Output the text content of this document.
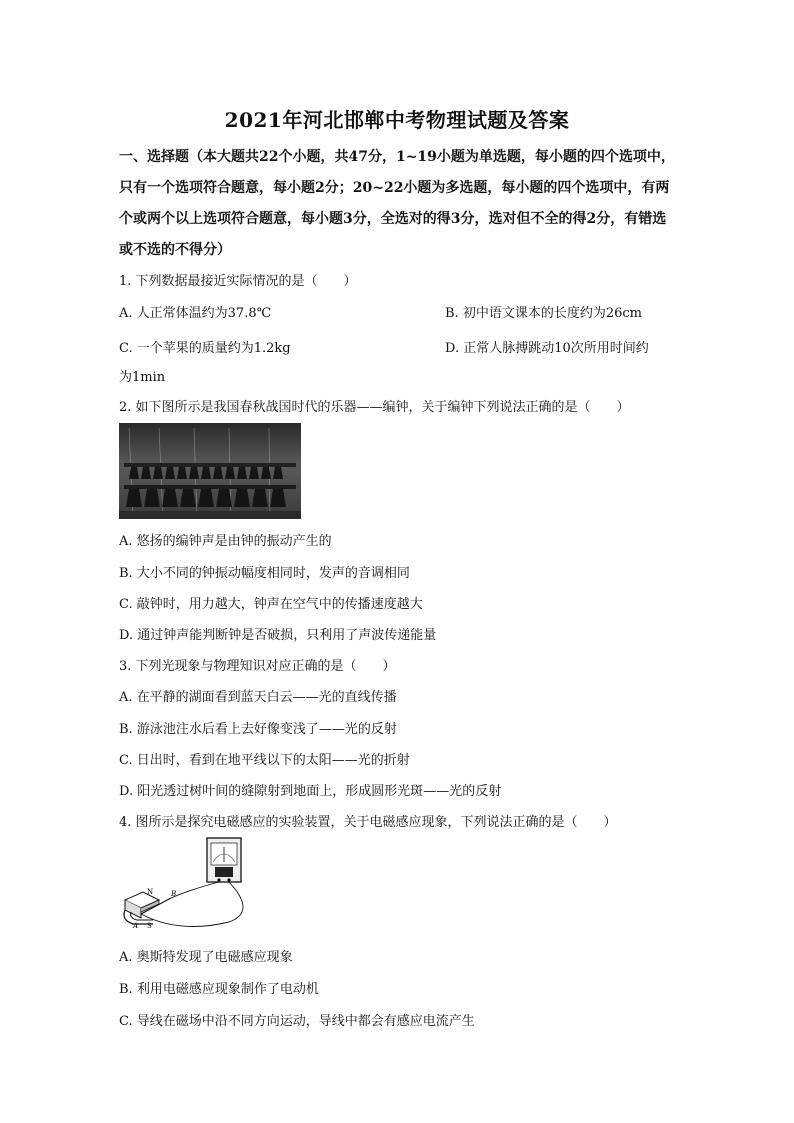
2021年河北邯郸中考物理试题及答案
一、选择题（本大题共22个小题，共47分，1~19小题为单选题，每小题的四个选项中，只有一个选项符合题意，每小题2分；20~22小题为多选题，每小题的四个选项中，有两个或两个以上选项符合题意，每小题3分，全选对的得3分，选对但不全的得2分，有错选或不选的不得分）
1. 下列数据最接近实际情况的是（　　）
A. 人正常体温约为37.8℃	B. 初中语文课本的长度约为26cm
C. 一个苹果的质量约为1.2kg	D. 正常人脉搏跳动10次所用时间约
为1min
2. 如下图所示是我国春秋战国时代的乐器——编钟，关于编钟下列说法正确的是（　　）
A. 悠扬的编钟声是由钟的振动产生的
B. 大小不同的钟振动幅度相同时，发声的音调相同
C. 敲钟时，用力越大，钟声在空气中的传播速度越大
D. 通过钟声能判断钟是否破损，只利用了声波传递能量
3. 下列光现象与物理知识对应正确的是（　　）
A. 在平静的湖面看到蓝天白云——光的直线传播
B. 游泳池注水后看上去好像变浅了——光的反射
C. 日出时，看到在地平线以下的太阳——光的折射
D. 阳光透过树叶间的缝隙射到地面上，形成圆形光斑——光的反射
4. 图所示是探究电磁感应的实验装置，关于电磁感应现象，下列说法正确的是（　　）
N
S
A
B
A. 奥斯特发现了电磁感应现象
B. 利用电磁感应现象制作了电动机
C. 导线在磁场中沿不同方向运动，导线中都会有感应电流产生
